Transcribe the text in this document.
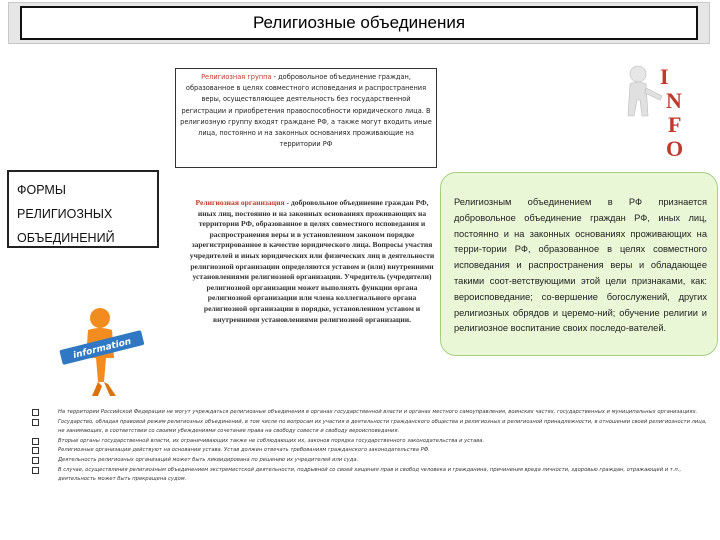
Религиозные объединения
Религиозная группа - добровольное объединение граждан, образованное в целях совместного исповедания и распространения веры, осуществляющее деятельность без государственной регистрации и приобретения правоспособности юридического лица. В религиозную группу входят граждане РФ, а также могут входить иные лица, постоянно и на законных основаниях проживающие на территории РФ
I
N
F
O
ФОРМЫ
РЕЛИГИОЗНЫХ
ОБЪЕДИНЕНИЙ
Религиозная организация - добровольное объединение граждан РФ, иных лиц, постоянно и на законных основаниях проживающих на территории РФ, образованное в целях совместного исповедания и распространения веры и в установленном законом порядке зарегистрированное в качестве юридического лица. Вопросы участия учредителей и иных юридических или физических лиц в деятельности религиозной организации определяются уставом и (или) внутренними установлениями религиозной организации. Учредитель (учредители) религиозной организации может выполнять функции органа религиозной организации или члена коллегиального органа религиозной организации в порядке, установленном уставом и внутренними установлениями религиозной организации.
Религиозным объединением в РФ признается добровольное объединение граждан РФ, иных лиц, постоянно и на законных основаниях проживающих на терри-тории РФ, образованное в целях совместного исповедания и распространения веры и обладающее такими соот-ветствующими этой цели признаками, как: вероисповедание; со-вершение богослужений, других религиозных обрядов и церемо-ний; обучение религии и религиозное воспитание своих последо-вателей.
information
На территории Российской Федерации не могут учреждаться религиозные объединения в органах государственной власти и органах местного самоуправления, воинских частях, государственных и муниципальных организациях.
Государство, обладая правовой режим религиозных объединений, в том числе по вопросам их участия в деятельности гражданского общества и религиозных и религиозной принадлежности, в отношении своей религиозности лица, не занимающих, в соответствии со своими убеждениями сочетание права на свободу совести и свободу вероисповедания.
Вторые органы государственной власти, их ограничивающих также не соблюдающих их, законов порядка государственного законодательства и устава.
Религиозные организации действуют на основании устава. Устав должен отвечать требованиям гражданского законодательства РФ.
Деятельность религиозных организаций может быть ликвидирована по решению их учредителей или суда.
В случае, осуществления религиозным объединением экстремистской деятельности, подрывной со своей хищения прав и свобод человека и гражданина, причинения вреда личности, здоровью граждан, отражающей и т.п., деятельность может быть прекращена судом.
